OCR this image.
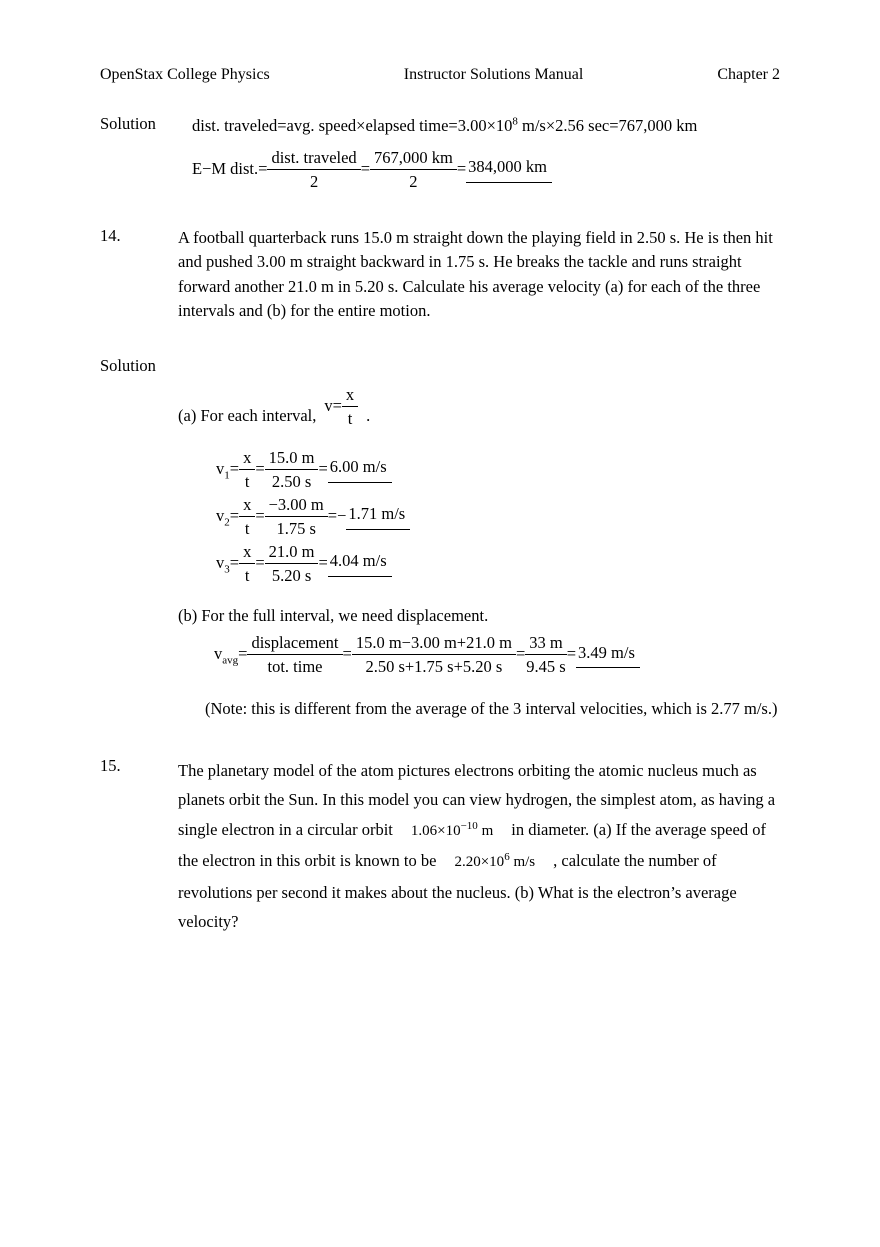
OpenStax College Physics	Instructor Solutions Manual	Chapter 2
Solution	dist. traveled=avg. speed×elapsed $time=3.00\times 10^8$ m/s×2.56 sec=767,000 km
E−M dist.= $\frac{\text{dist. traveled}}{2} = \frac{767,000 km}{2} = 384,000$ km
14.	A football quarterback runs 15.0 m straight down the playing field in 2.50 s. He is then hit and pushed 3.00 m straight backward in 1.75 s. He breaks the tackle and runs straight forward another 21.0 m in 5.20 s. Calculate his average velocity (a) for each of the three intervals and (b) for the entire motion.
Solution
(a) For each interval, $v= \frac{x}{t}$ .
$v_1 = \frac{x}{t} = \frac{15.0 m}{2.50 s} = 6.00$ m/s
$v_2 = \frac{x}{t} = \frac{-3.00 m}{1.75 s} =- 1.71$ m/s
$v_3 = \frac{x}{t} = \frac{21.0 m}{5.20 s} = 4.04$ m/s
(b) For the full interval, we need displacement.
$v_{avg} = \frac{\text{displacement}}{\text{tot. time}} = \frac{15.0 m-3.00 m+21.0 m}{2.50 s+1.75 s+5.20 s} = \frac{33 m}{9.45 s} = 3.49$ m/s
(Note: this is different from the average of the 3 interval velocities, which is 2.77 m/s.)
15.	The planetary model of the atom pictures electrons orbiting the atomic nucleus much as planets orbit the Sun. In this model you can view hydrogen, the simplest atom, as having a single electron in a circular orbit $1.06\times 10^{-10}$ m in diameter. (a) If the average speed of the electron in this orbit is known to be $2.20\times 10^6$ m/s , calculate the number of revolutions per second it makes about the nucleus. (b) What is the electron’s average velocity?
